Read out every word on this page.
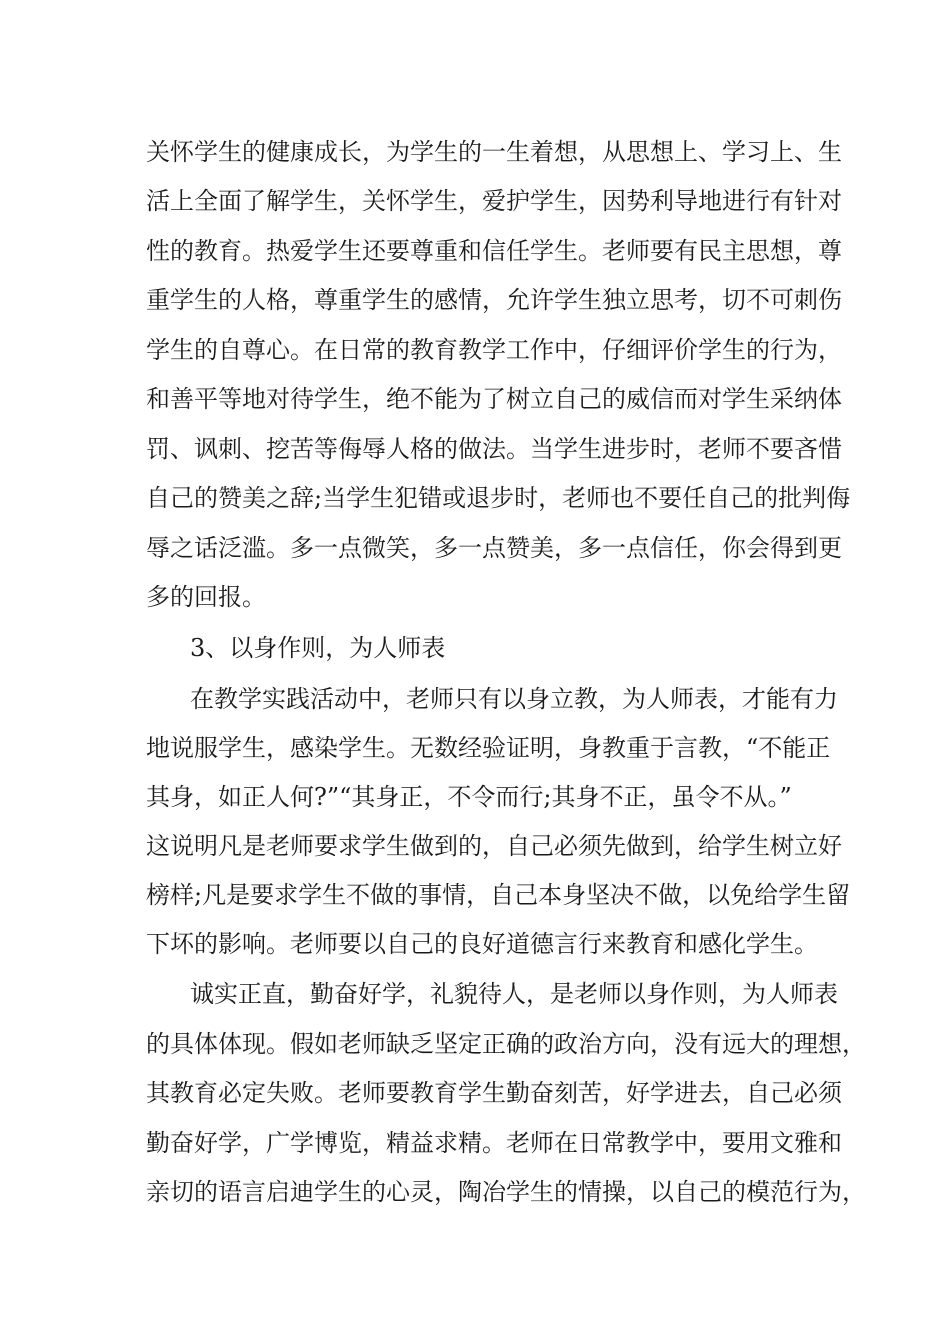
关怀学生的健康成长，为学生的一生着想，从思想上、学习上、生
活上全面了解学生，关怀学生，爱护学生，因势利导地进行有针对
性的教育。热爱学生还要尊重和信任学生。老师要有民主思想，尊
重学生的人格，尊重学生的感情，允许学生独立思考，切不可刺伤
学生的自尊心。在日常的教育教学工作中，仔细评价学生的行为，
和善平等地对待学生，绝不能为了树立自己的威信而对学生采纳体
罚、讽刺、挖苦等侮辱人格的做法。当学生进步时，老师不要吝惜
自己的赞美之辞;当学生犯错或退步时，老师也不要任自己的批判侮
辱之话泛滥。多一点微笑，多一点赞美，多一点信任，你会得到更
多的回报。
3、以身作则，为人师表
在教学实践活动中，老师只有以身立教，为人师表，才能有力
地说服学生，感染学生。无数经验证明，身教重于言教，“不能正
其身，如正人何?”“其身正，不令而行;其身不正，虽令不从。”
这说明凡是老师要求学生做到的，自己必须先做到，给学生树立好
榜样;凡是要求学生不做的事情，自己本身坚决不做，以免给学生留
下坏的影响。老师要以自己的良好道德言行来教育和感化学生。
诚实正直，勤奋好学，礼貌待人，是老师以身作则，为人师表
的具体体现。假如老师缺乏坚定正确的政治方向，没有远大的理想，
其教育必定失败。老师要教育学生勤奋刻苦，好学进去，自己必须
勤奋好学，广学博览，精益求精。老师在日常教学中，要用文雅和
亲切的语言启迪学生的心灵，陶冶学生的情操，以自己的模范行为，
